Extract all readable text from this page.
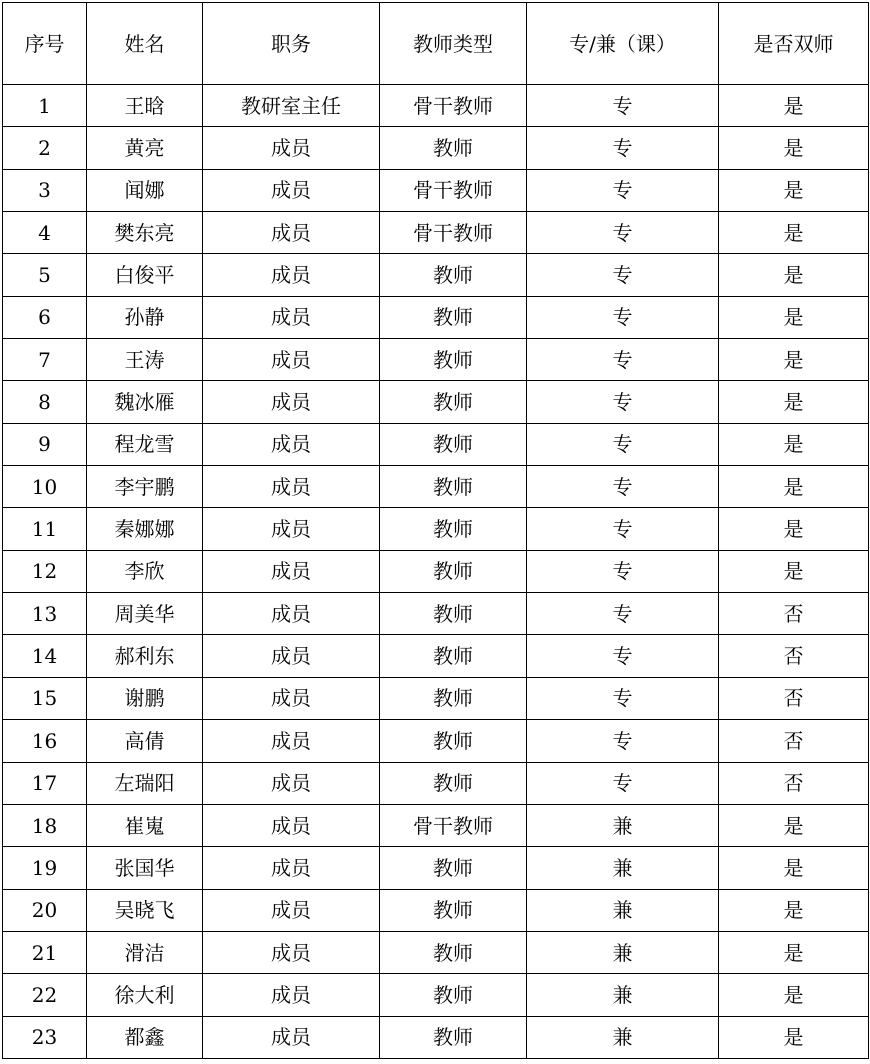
序号	姓名	职务	教师类型	专/兼（课）	是否双师
1	王晗	教研室主任	骨干教师	专	是
2	黄亮	成员	教师	专	是
3	闻娜	成员	骨干教师	专	是
4	樊东亮	成员	骨干教师	专	是
5	白俊平	成员	教师	专	是
6	孙静	成员	教师	专	是
7	王涛	成员	教师	专	是
8	魏冰雁	成员	教师	专	是
9	程龙雪	成员	教师	专	是
10	李宇鹏	成员	教师	专	是
11	秦娜娜	成员	教师	专	是
12	李欣	成员	教师	专	是
13	周美华	成员	教师	专	否
14	郝利东	成员	教师	专	否
15	谢鹏	成员	教师	专	否
16	高倩	成员	教师	专	否
17	左瑞阳	成员	教师	专	否
18	崔嵬	成员	骨干教师	兼	是
19	张国华	成员	教师	兼	是
20	吴晓飞	成员	教师	兼	是
21	滑洁	成员	教师	兼	是
22	徐大利	成员	教师	兼	是
23	都鑫	成员	教师	兼	是
